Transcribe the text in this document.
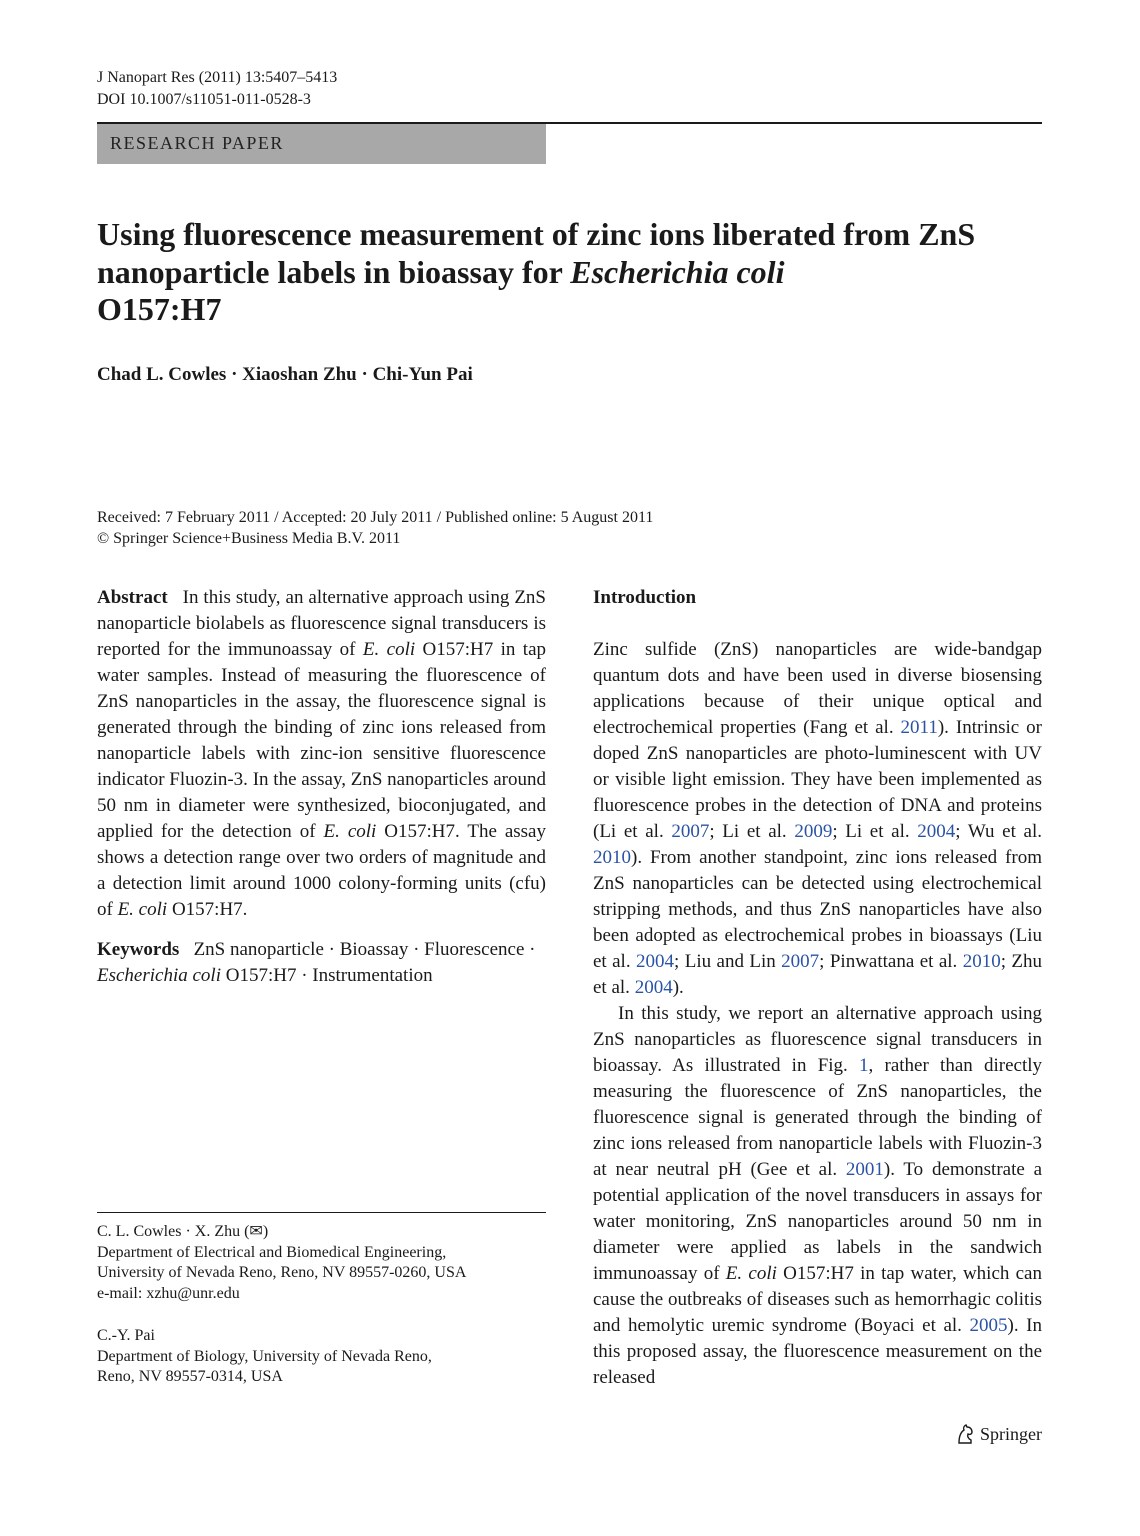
J Nanopart Res (2011) 13:5407–5413
DOI 10.1007/s11051-011-0528-3
RESEARCH PAPER
Using fluorescence measurement of zinc ions liberated from ZnS nanoparticle labels in bioassay for Escherichia coli
O157:H7
Chad L. Cowles · Xiaoshan Zhu · Chi-Yun Pai
Received: 7 February 2011 / Accepted: 20 July 2011 / Published online: 5 August 2011
© Springer Science+Business Media B.V. 2011

Abstract In this study, an alternative approach using ZnS nanoparticle biolabels as fluorescence signal transducers is reported for the immunoassay of E. coli O157:H7 in tap water samples. Instead of measuring the fluorescence of ZnS nanoparticles in the assay, the fluorescence signal is generated through the binding of zinc ions released from nanoparticle labels with zinc-ion sensitive fluorescence indicator Fluozin-3. In the assay, ZnS nanoparticles around 50 nm in diameter were synthesized, bioconjugated, and applied for the detection of E. coli O157:H7. The assay shows a detection range over two orders of magnitude and a detection limit around 1000 colony-forming units (cfu) of E. coli O157:H7.

Keywords ZnS nanoparticle · Bioassay · Fluorescence · Escherichia coli O157:H7 · Instrumentation

C. L. Cowles · X. Zhu (✉)
Department of Electrical and Biomedical Engineering,
University of Nevada Reno, Reno, NV 89557-0260, USA
e-mail: xzhu@unr.edu
C.-Y. Pai
Department of Biology, University of Nevada Reno,
Reno, NV 89557-0314, USA

Introduction

Zinc sulfide (ZnS) nanoparticles are wide-bandgap quantum dots and have been used in diverse biosensing applications because of their unique optical and electrochemical properties (Fang et al. 2011). Intrinsic or doped ZnS nanoparticles are photo-luminescent with UV or visible light emission. They have been implemented as fluorescence probes in the detection of DNA and proteins (Li et al. 2007; Li et al. 2009; Li et al. 2004; Wu et al. 2010). From another standpoint, zinc ions released from ZnS nanoparticles can be detected using electrochemical stripping methods, and thus ZnS nanoparticles have also been adopted as electrochemical probes in bioassays (Liu et al. 2004; Liu and Lin 2007; Pinwattana et al. 2010; Zhu et al. 2004).

In this study, we report an alternative approach using ZnS nanoparticles as fluorescence signal transducers in bioassay. As illustrated in Fig. 1, rather than directly measuring the fluorescence of ZnS nanoparticles, the fluorescence signal is generated through the binding of zinc ions released from nanoparticle labels with Fluozin-3 at near neutral pH (Gee et al. 2001). To demonstrate a potential application of the novel transducers in assays for water monitoring, ZnS nanoparticles around 50 nm in diameter were applied as labels in the sandwich immunoassay of E. coli O157:H7 in tap water, which can cause the outbreaks of diseases such as hemorrhagic colitis and hemolytic uremic syndrome (Boyaci et al. 2005). In this proposed assay, the fluorescence measurement on the released

Springer
